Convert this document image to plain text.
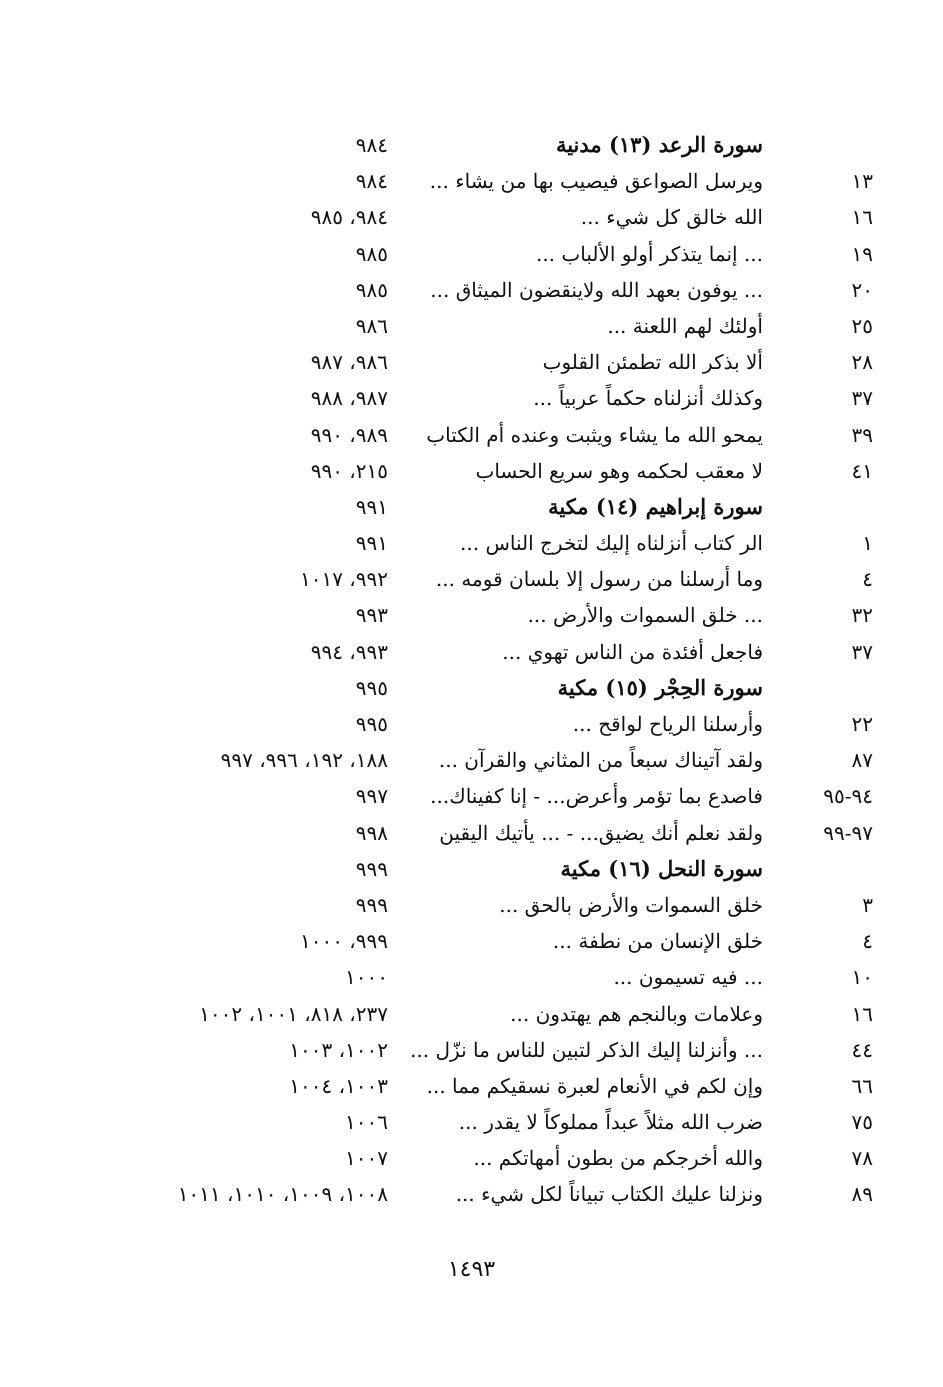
سورة الرعد (١٣) مدنية
٩٨٤
١٣
ويرسل الصواعق فيصيب بها من يشاء ...
٩٨٤
١٦
الله خالق كل شيء ...
٩٨٤، ٩٨٥
١٩
... إنما يتذكر أولو الألباب ...
٩٨٥
٢٠
... يوفون بعهد الله ولاينقضون الميثاق ...
٩٨٥
٢٥
أولئك لهم اللعنة ...
٩٨٦
٢٨
ألا بذكر الله تطمئن القلوب
٩٨٦، ٩٨٧
٣٧
وكذلك أنزلناه حكماً عربياً ...
٩٨٧، ٩٨٨
٣٩
يمحو الله ما يشاء ويثبت وعنده أم الكتاب
٩٨٩، ٩٩٠
٤١
لا معقب لحكمه وهو سريع الحساب
٢١٥، ٩٩٠
سورة إبراهيم (١٤) مكية
٩٩١
١
الر كتاب أنزلناه إليك لتخرج الناس ...
٩٩١
٤
وما أرسلنا من رسول إلا بلسان قومه ...
٩٩٢، ١٠١٧
٣٢
... خلق السموات والأرض ...
٩٩٣
٣٧
فاجعل أفئدة من الناس تهوي ...
٩٩٣، ٩٩٤
سورة الحِجْر (١٥) مكية
٩٩٥
٢٢
وأرسلنا الرياح لواقح ...
٩٩٥
٨٧
ولقد آتيناك سبعاً من المثاني والقرآن ...
١٨٨، ١٩٢، ٩٩٦، ٩٩٧
٩٤-٩٥
فاصدع بما تؤمر وأعرض... - إنا كفيناك...
٩٩٧
٩٧-٩٩
ولقد نعلم أنك يضيق... - ... يأتيك اليقين
٩٩٨
سورة النحل (١٦) مكية
٩٩٩
٣
خلق السموات والأرض بالحق ...
٩٩٩
٤
خلق الإنسان من نطفة ...
٩٩٩، ١٠٠٠
١٠
... فيه تسيمون ...
١٠٠٠
١٦
وعلامات وبالنجم هم يهتدون ...
٢٣٧، ٨١٨، ١٠٠١، ١٠٠٢
٤٤
... وأنزلنا إليك الذكر لتبين للناس ما نزّل ...
١٠٠٢، ١٠٠٣
٦٦
وإن لكم في الأنعام لعبرة نسقيكم مما ...
١٠٠٣، ١٠٠٤
٧٥
ضرب الله مثلاً عبداً مملوكاً لا يقدر ...
١٠٠٦
٧٨
والله أخرجكم من بطون أمهاتكم ...
١٠٠٧
٨٩
ونزلنا عليك الكتاب تبياناً لكل شيء ...
١٠٠٨، ١٠٠٩، ١٠١٠، ١٠١١
١٤٩٣
